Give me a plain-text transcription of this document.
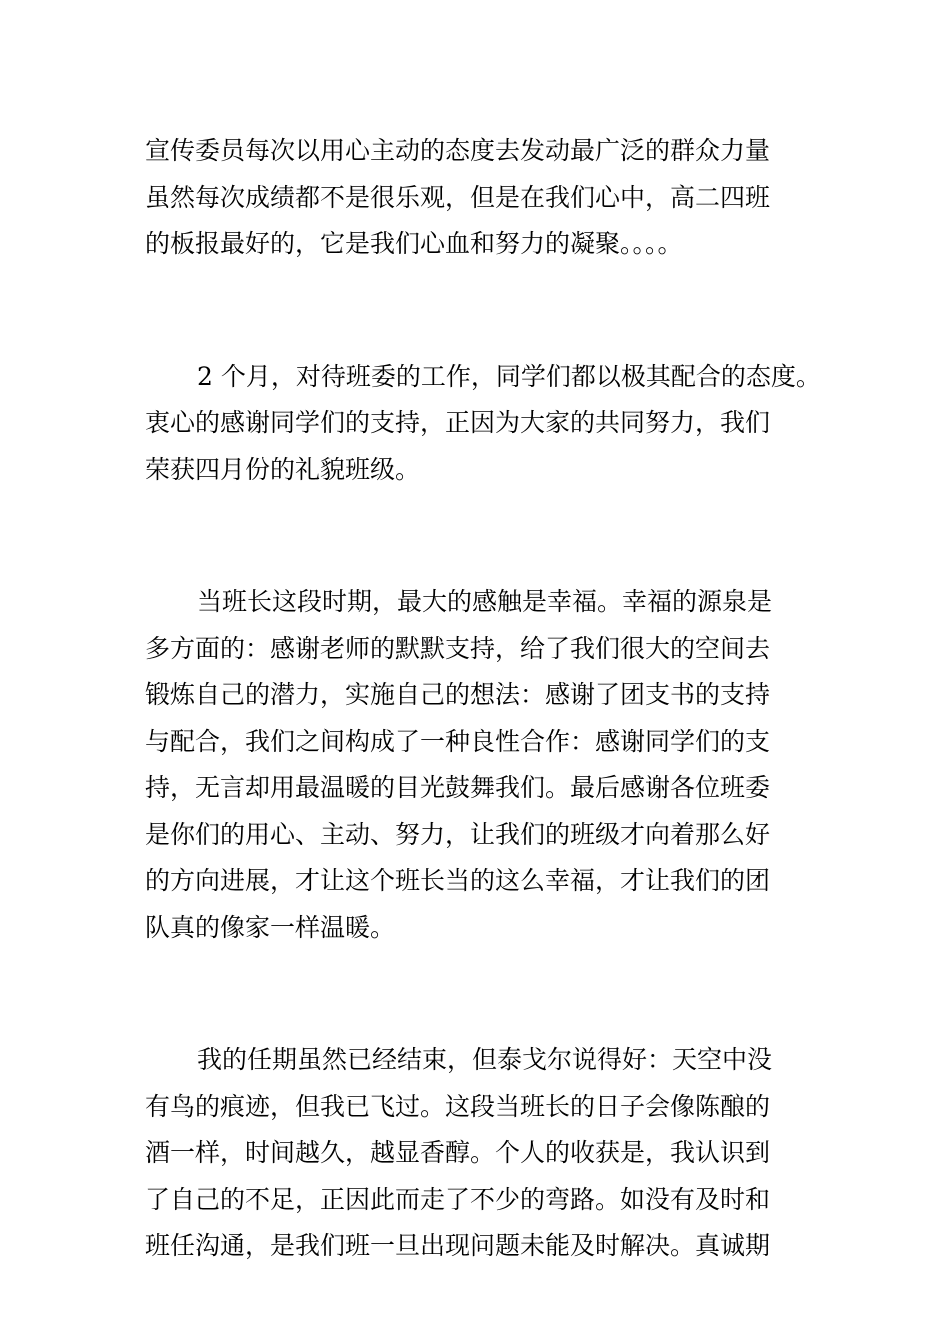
宣传委员每次以用心主动的态度去发动最广泛的群众力量
虽然每次成绩都不是很乐观，但是在我们心中，高二四班
的板报最好的，它是我们心血和努力的凝聚。。。。
2 个月，对待班委的工作，同学们都以极其配合的态度。
衷心的感谢同学们的支持，正因为大家的共同努力，我们
荣获四月份的礼貌班级。
当班长这段时期，最大的感触是幸福。幸福的源泉是
多方面的：感谢老师的默默支持，给了我们很大的空间去
锻炼自己的潜力，实施自己的想法：感谢了团支书的支持
与配合，我们之间构成了一种良性合作：感谢同学们的支
持，无言却用最温暖的目光鼓舞我们。最后感谢各位班委
是你们的用心、主动、努力，让我们的班级才向着那么好
的方向进展，才让这个班长当的这么幸福，才让我们的团
队真的像家一样温暖。
我的任期虽然已经结束，但泰戈尔说得好：天空中没
有鸟的痕迹，但我已飞过。这段当班长的日子会像陈酿的
酒一样，时间越久，越显香醇。个人的收获是，我认识到
了自己的不足，正因此而走了不少的弯路。如没有及时和
班任沟通，是我们班一旦出现问题未能及时解决。真诚期
